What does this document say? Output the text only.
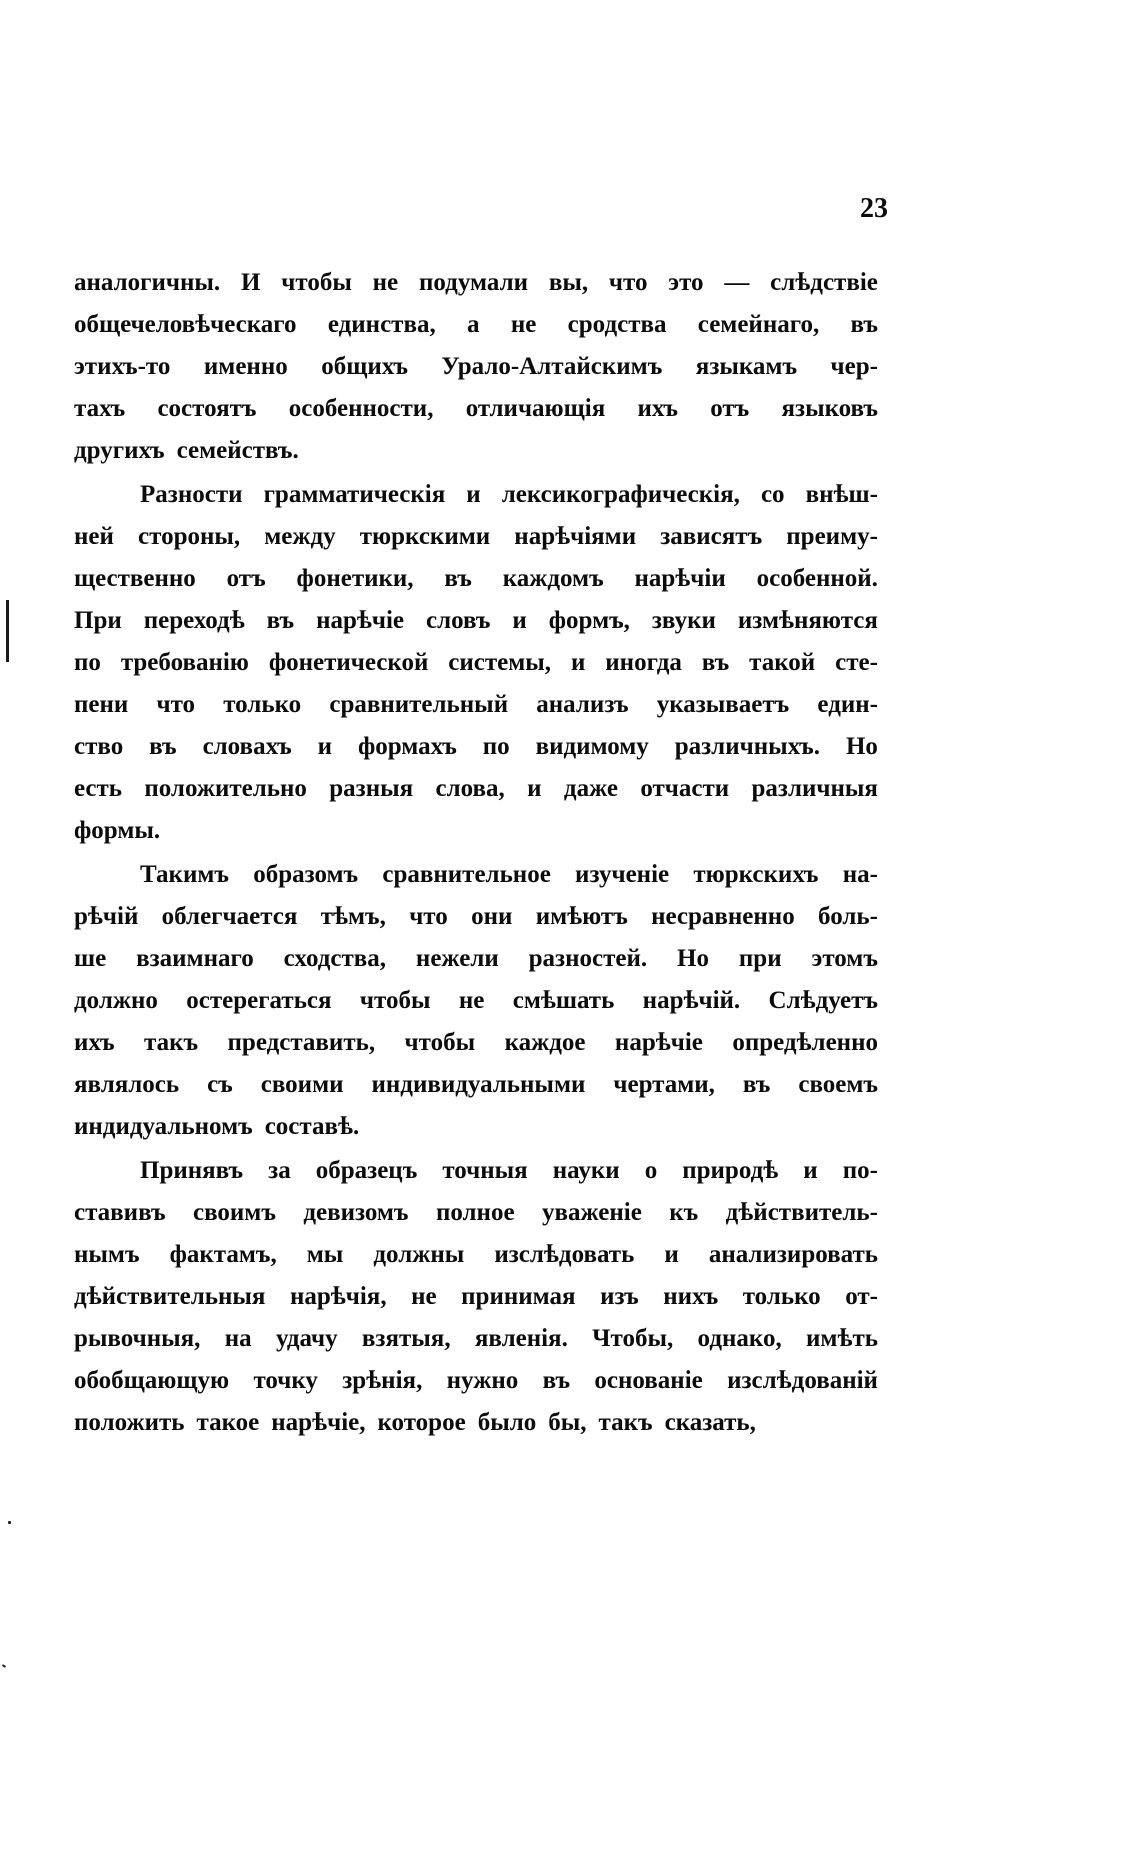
23
аналогичны. И чтобы не подумали вы, что это — слѣдствіе
общечеловѣческаго единства, а не сродства семейнаго, въ
этихъ-то именно общихъ Урало-Алтайскимъ языкамъ чер-
тахъ состоятъ особенности, отличающія ихъ отъ языковъ
другихъ семействъ.
Разности грамматическія и лексикографическія, со внѣш-
ней стороны, между тюркскими нарѣчіями зависятъ преиму-
щественно отъ фонетики, въ каждомъ нарѣчіи особенной.
При переходѣ въ нарѣчіе словъ и формъ, звуки измѣняются
по требованію фонетической системы, и иногда въ такой сте-
пени что только сравнительный анализъ указываетъ един-
ство въ словахъ и формахъ по видимому различныхъ. Но
есть положительно разныя слова, и даже отчасти различныя
формы.
Такимъ образомъ сравнительное изученіе тюркскихъ на-
рѣчій облегчается тѣмъ, что они имѣютъ несравненно боль-
ше взаимнаго сходства, нежели разностей. Но при этомъ
должно остерегаться чтобы не смѣшать нарѣчій. Слѣдуетъ
ихъ такъ представить, чтобы каждое нарѣчіе опредѣленно
являлось съ своими индивидуальными чертами, въ своемъ
индидуальномъ составѣ.
Принявъ за образецъ точныя науки о природѣ и по-
ставивъ своимъ девизомъ полное уваженіе къ дѣйствитель-
нымъ фактамъ, мы должны изслѣдовать и анализировать
дѣйствительныя нарѣчія, не принимая изъ нихъ только от-
рывочныя, на удачу взятыя, явленія. Чтобы, однако, имѣть
обобщающую точку зрѣнія, нужно въ основаніе изслѣдованій
положить такое нарѣчіе, которое было бы, такъ сказать,
